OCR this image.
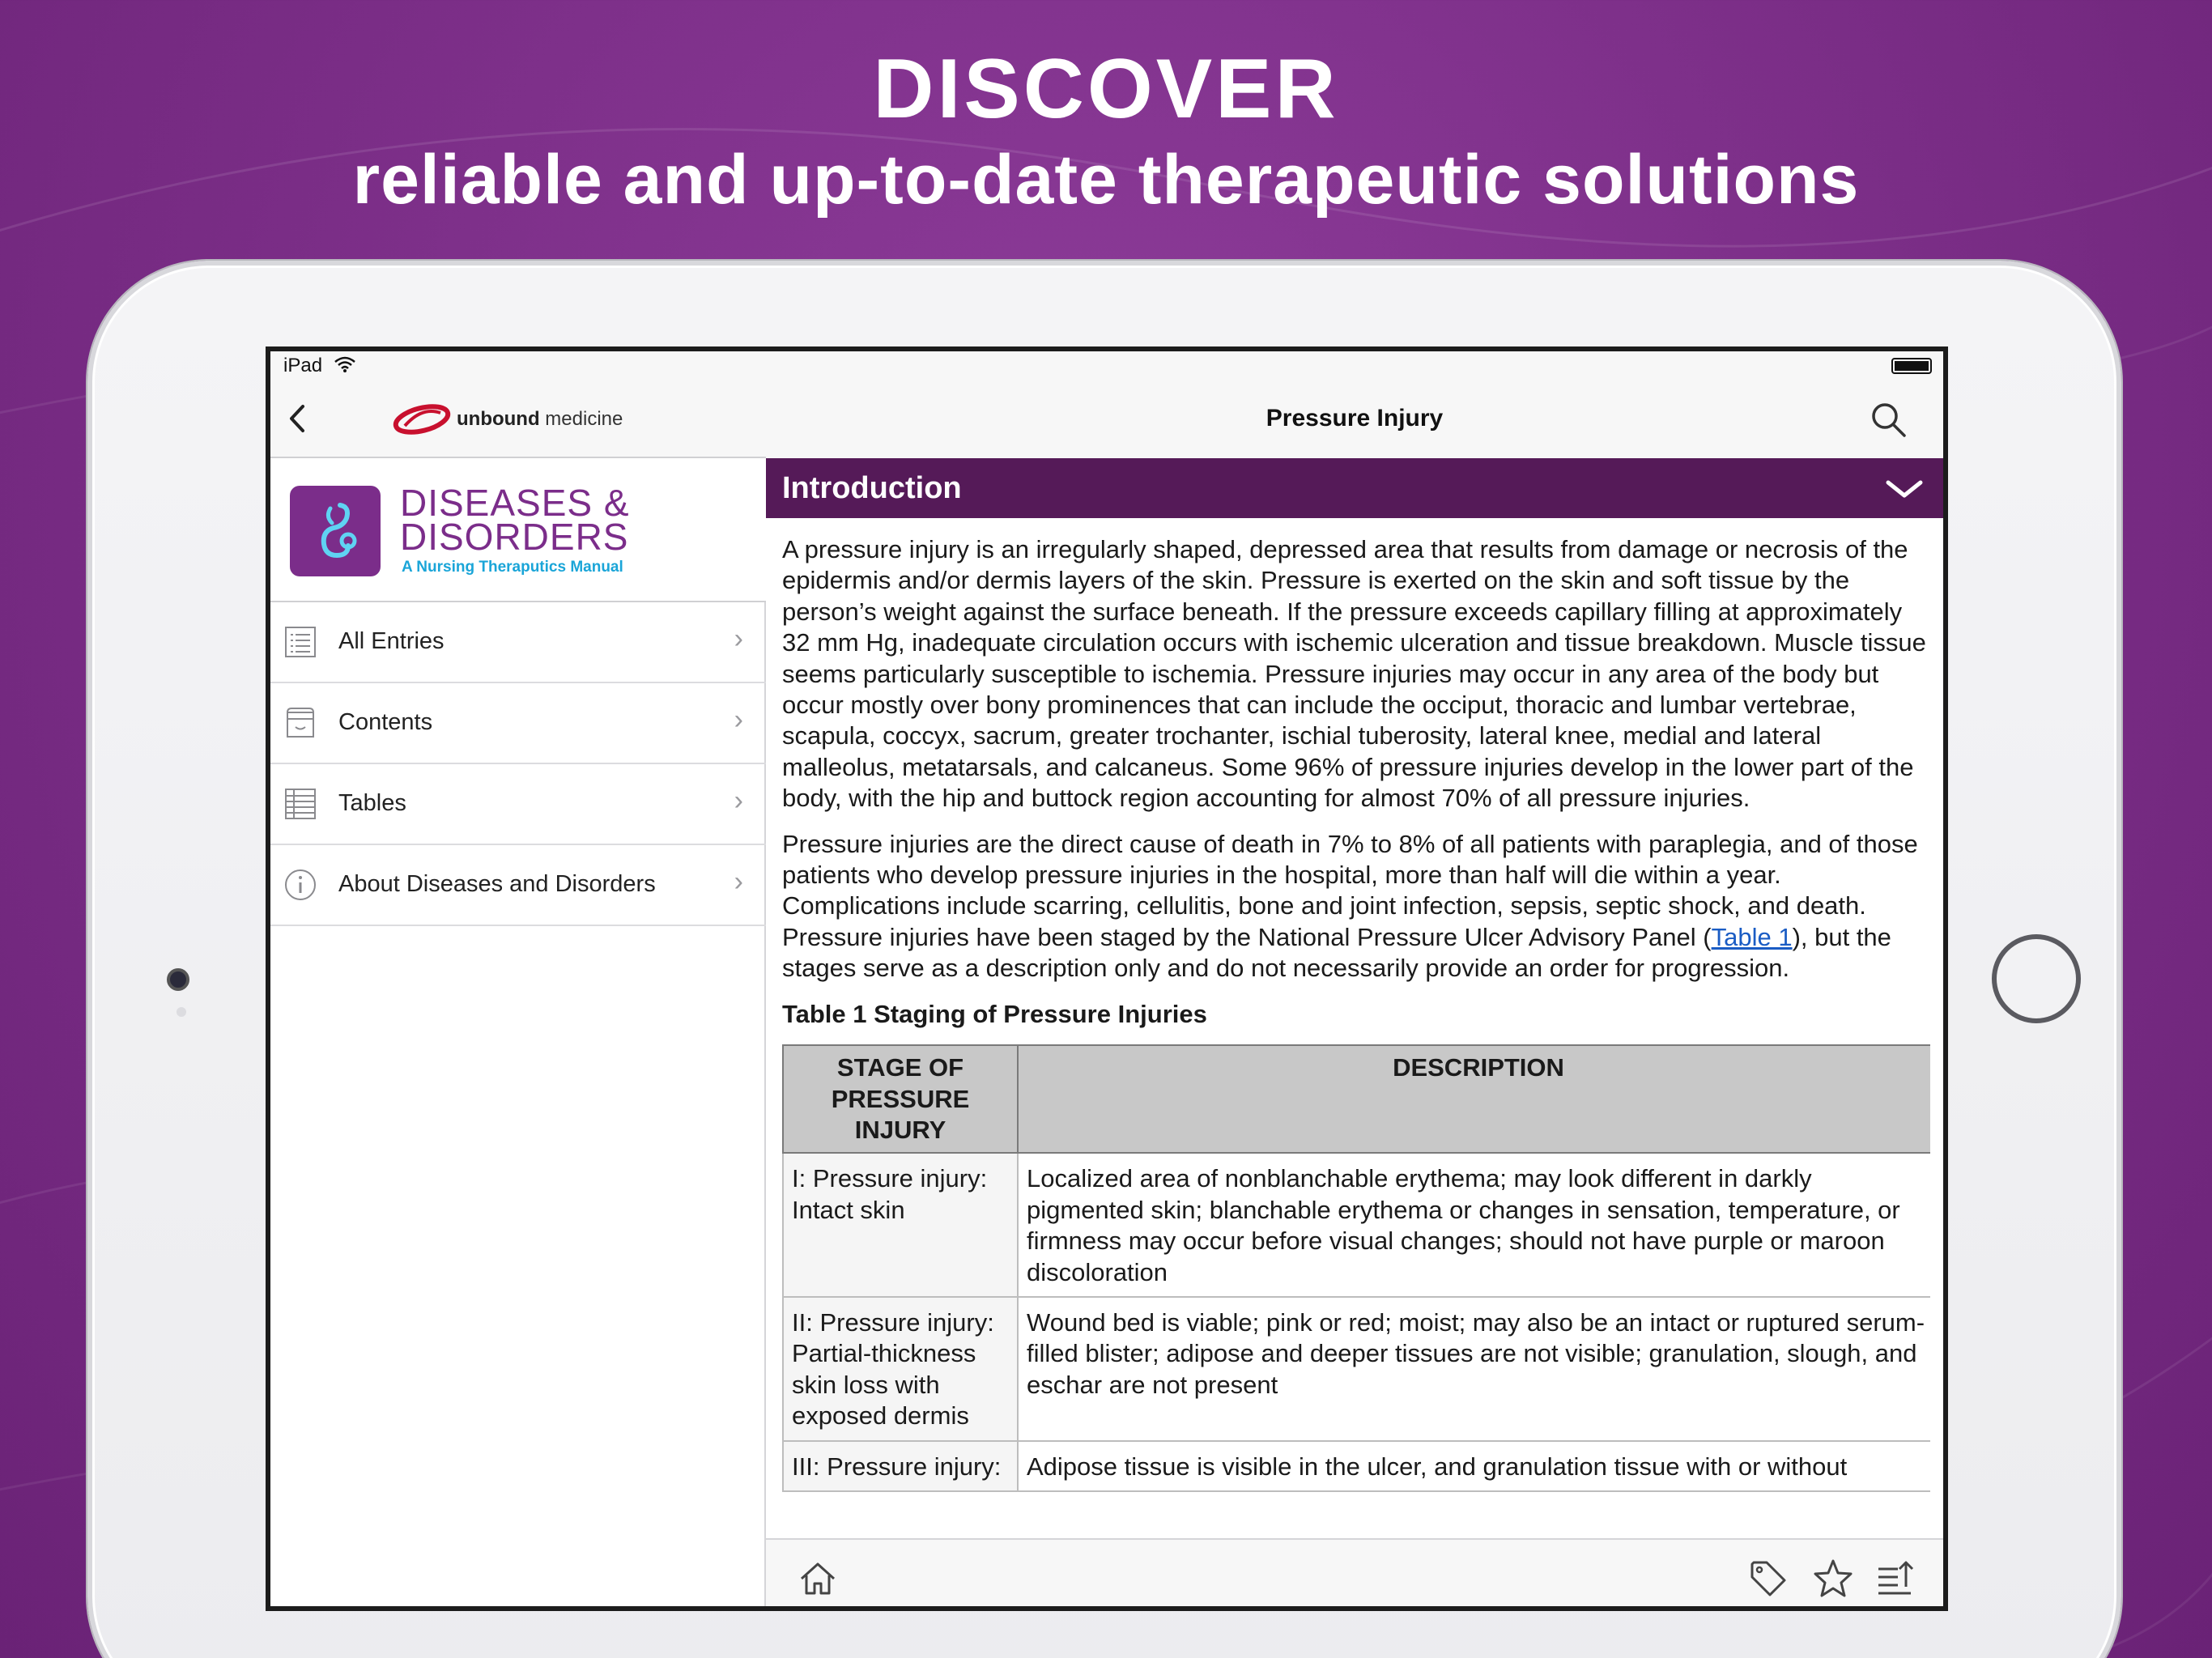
DISCOVER
reliable and up-to-date therapeutic solutions
unbound medicine
DISEASES &
DISORDERS
A Nursing Theraputics Manual
All Entries	›
Contents	›
Tables	›
About Diseases and Disorders	›
Pressure Injury
Introduction

A pressure injury is an irregularly shaped, depressed area that results from damage or necrosis of the epidermis and/or dermis layers of the skin. Pressure is exerted on the skin and soft tissue by the person’s weight against the surface beneath. If the pressure exceeds capillary filling at approximately 32 mm Hg, inadequate circulation occurs with ischemic ulceration and tissue breakdown. Muscle tissue seems particularly susceptible to ischemia. Pressure injuries may occur in any area of the body but occur mostly over bony prominences that can include the occiput, thoracic and lumbar vertebrae, scapula, coccyx, sacrum, greater trochanter, ischial tuberosity, lateral knee, medial and lateral malleolus, metatarsals, and calcaneus. Some 96% of pressure injuries develop in the lower part of the body, with the hip and buttock region accounting for almost 70% of all pressure injuries.

Pressure injuries are the direct cause of death in 7% to 8% of all patients with paraplegia, and of those patients who develop pressure injuries in the hospital, more than half will die within a year. Complications include scarring, cellulitis, bone and joint infection, sepsis, septic shock, and death. Pressure injuries have been staged by the National Pressure Ulcer Advisory Panel (Table 1), but the stages serve as a description only and do not necessarily provide an order for progression.

Table 1 Staging of Pressure Injuries
STAGE OF PRESSURE INJURY	DESCRIPTION
I: Pressure injury: Intact skin	Localized area of nonblanchable erythema; may look different in darkly pigmented skin; blanchable erythema or changes in sensation, temperature, or firmness may occur before visual changes; should not have purple or maroon discoloration
II: Pressure injury: Partial-thickness skin loss with exposed dermis	Wound bed is viable; pink or red; moist; may also be an intact or ruptured serum-filled blister; adipose and deeper tissues are not visible; granulation, slough, and eschar are not present
III: Pressure injury:	Adipose tissue is visible in the ulcer, and granulation tissue with or without
iPad
